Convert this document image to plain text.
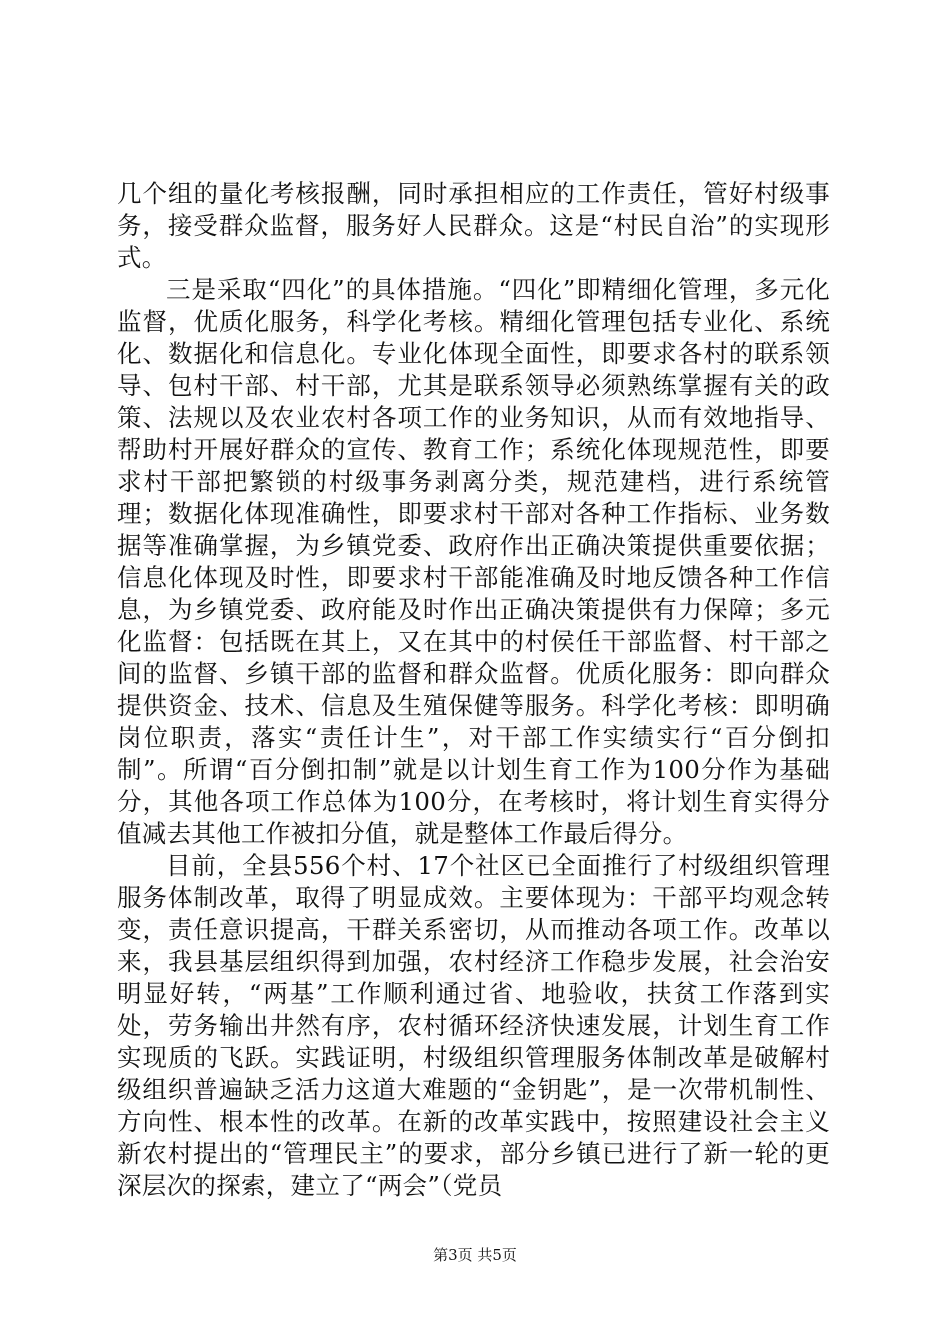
几个组的量化考核报酬，同时承担相应的工作责任，管好村级事务，接受群众监督，服务好人民群众。这是“村民自治”的实现形式。

三是采取“四化”的具体措施。“四化”即精细化管理，多元化监督，优质化服务，科学化考核。精细化管理包括专业化、系统化、数据化和信息化。专业化体现全面性，即要求各村的联系领导、包村干部、村干部，尤其是联系领导必须熟练掌握有关的政策、法规以及农业农村各项工作的业务知识，从而有效地指导、帮助村开展好群众的宣传、教育工作；系统化体现规范性，即要求村干部把繁锁的村级事务剥离分类，规范建档，进行系统管理；数据化体现准确性，即要求村干部对各种工作指标、业务数据等准确掌握，为乡镇党委、政府作出正确决策提供重要依据；信息化体现及时性，即要求村干部能准确及时地反馈各种工作信息，为乡镇党委、政府能及时作出正确决策提供有力保障；多元化监督：包括既在其上，又在其中的村侯任干部监督、村干部之间的监督、乡镇干部的监督和群众监督。优质化服务：即向群众提供资金、技术、信息及生殖保健等服务。科学化考核：即明确岗位职责，落实“责任计生”，对干部工作实绩实行“百分倒扣制”。所谓“百分倒扣制”就是以计划生育工作为100分作为基础分，其他各项工作总体为100分，在考核时，将计划生育实得分值减去其他工作被扣分值，就是整体工作最后得分。

目前，全县556个村、17个社区已全面推行了村级组织管理服务体制改革，取得了明显成效。主要体现为：干部平均观念转变，责任意识提高，干群关系密切，从而推动各项工作。改革以来，我县基层组织得到加强，农村经济工作稳步发展，社会治安明显好转，“两基”工作顺利通过省、地验收，扶贫工作落到实处，劳务输出井然有序，农村循环经济快速发展，计划生育工作实现质的飞跃。实践证明，村级组织管理服务体制改革是破解村级组织普遍缺乏活力这道大难题的“金钥匙”，是一次带机制性、方向性、根本性的改革。在新的改革实践中，按照建设社会主义新农村提出的“管理民主”的要求，部分乡镇已进行了新一轮的更深层次的探索，建立了“两会”（党员

第3页 共5页
